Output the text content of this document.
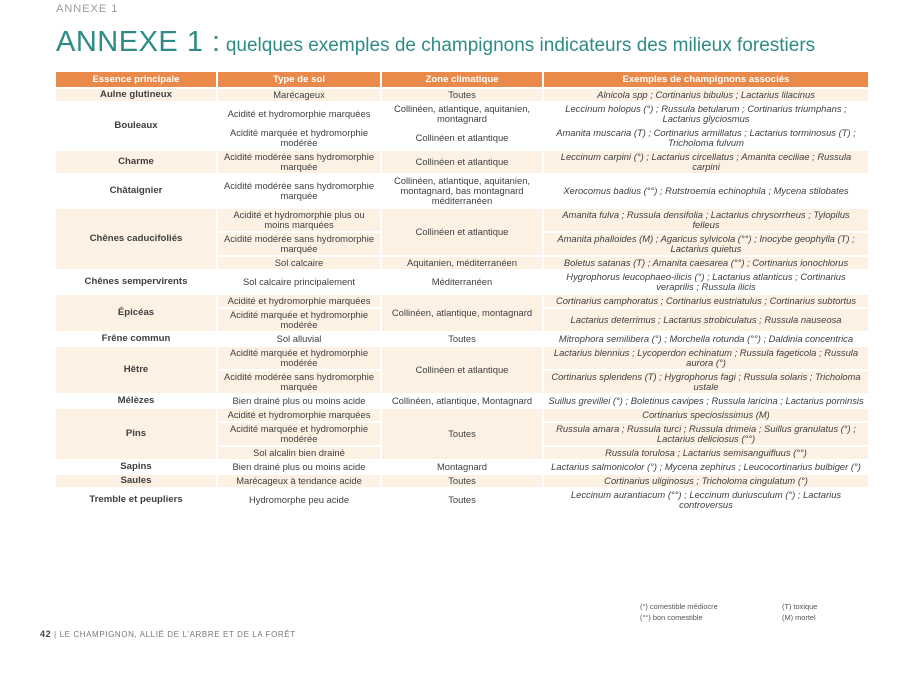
ANNEXE 1
ANNEXE 1 : quelques exemples de champignons indicateurs des milieux forestiers
Essence principale	Type de sol	Zone climatique	Exemples de champignons associés
Aulne glutineux	Marécageux	Toutes	Alnicola spp ; Cortinarius bibulus ; Lactarius lilacinus
Bouleaux	Acidité et hydromorphie marquées	Collinéen, atlantique, aquitanien, montagnard	Leccinum holopus (°) ; Russula betularum ; Cortinarius triumphans ; Lactarius glyciosmus
	Acidité marquée et hydromorphie modérée	Collinéen et atlantique	Amanita muscaria (T) ; Cortinarius armillatus ; Lactarius torminosus (T) ; Tricholoma fulvum
Charme	Acidité modérée sans hydromorphie marquée	Collinéen et atlantique	Leccinum carpini (°) ; Lactarius circellatus ; Amanita ceciliae ; Russula carpini
Châtaignier	Acidité modérée sans hydromorphie marquée	Collinéen, atlantique, aquitanien, montagnard, bas montagnard méditerranéen	Xerocomus badius (°°) ; Rutstroemia echinophila ; Mycena stilobates
Chênes caducifoliés	Acidité et hydromorphie plus ou moins marquées	Collinéen et atlantique	Amanita fulva ; Russula densifolia ; Lactarius chrysorrheus ; Tylopilus felleus
	Acidité modérée sans hydromorphie marquée		Amanita phalloides (M) ; Agaricus sylvicola (°°) ; Inocybe geophylla (T) ; Lactarius quietus
	Sol calcaire	Aquitanien, méditerranéen	Boletus satanas (T) ; Amanita caesarea (°°) ; Cortinarius ionochlorus
Chênes sempervirents	Sol calcaire principalement	Méditerranéen	Hygrophorus leucophaeo-ilicis (°) ; Lactarius atlanticus ; Cortinarius veraprilis ; Russula ilicis
Épicéas	Acidité et hydromorphie marquées	Collinéen, atlantique, montagnard	Cortinarius camphoratus ; Cortinarius eustriatulus ; Cortinarius subtortus
	Acidité marquée et hydromorphie modérée		Lactarius deterrimus ; Lactarius strobiculatus ; Russula nauseosa
Frêne commun	Sol alluvial	Toutes	Mitrophora semilibera (°) ; Morchella rotunda (°°) ; Daldinia concentrica
Hêtre	Acidité marquée et hydromorphie modérée	Collinéen et atlantique	Lactarius blennius ; Lycoperdon echinatum ; Russula fageticola ; Russula aurora (°)
	Acidité modérée sans hydromorphie marquée		Cortinarius splendens (T) ; Hygrophorus fagi ; Russula solaris ; Tricholoma ustale
Mélèzes	Bien drainé plus ou moins acide	Collinéen, atlantique, Montagnard	Suillus grevillei (°) ; Boletinus cavipes ; Russula laricina ; Lactarius porninsis
Pins	Acidité et hydromorphie marquées	Toutes	Cortinarius speciosissimus (M)
	Acidité marquée et hydromorphie modérée		Russula amara ; Russula turci ; Russula drimeia ; Suillus granulatus (°) ; Lactarius deliciosus (°°)
	Sol alcalin bien drainé		Russula torulosa ; Lactarius semisanguifluus (°°)
Sapins	Bien drainé plus ou moins acide	Montagnard	Lactarius salmonicolor (°) ; Mycena zephirus ; Leucocortinarius bulbiger (°)
Saules	Marécageux à tendance acide	Toutes	Cortinarius uliginosus ; Tricholoma cingulatum (°)
Tremble et peupliers	Hydromorphe peu acide	Toutes	Leccinum aurantiacum (°°) ; Leccinum duriusculum (°) ; Lactarius controversus
(°) comestible médiocre
(°°) bon comestible
(T) toxique
(M) mortel
42 | LE CHAMPIGNON, ALLIÉ DE L'ARBRE ET DE LA FORÊT
